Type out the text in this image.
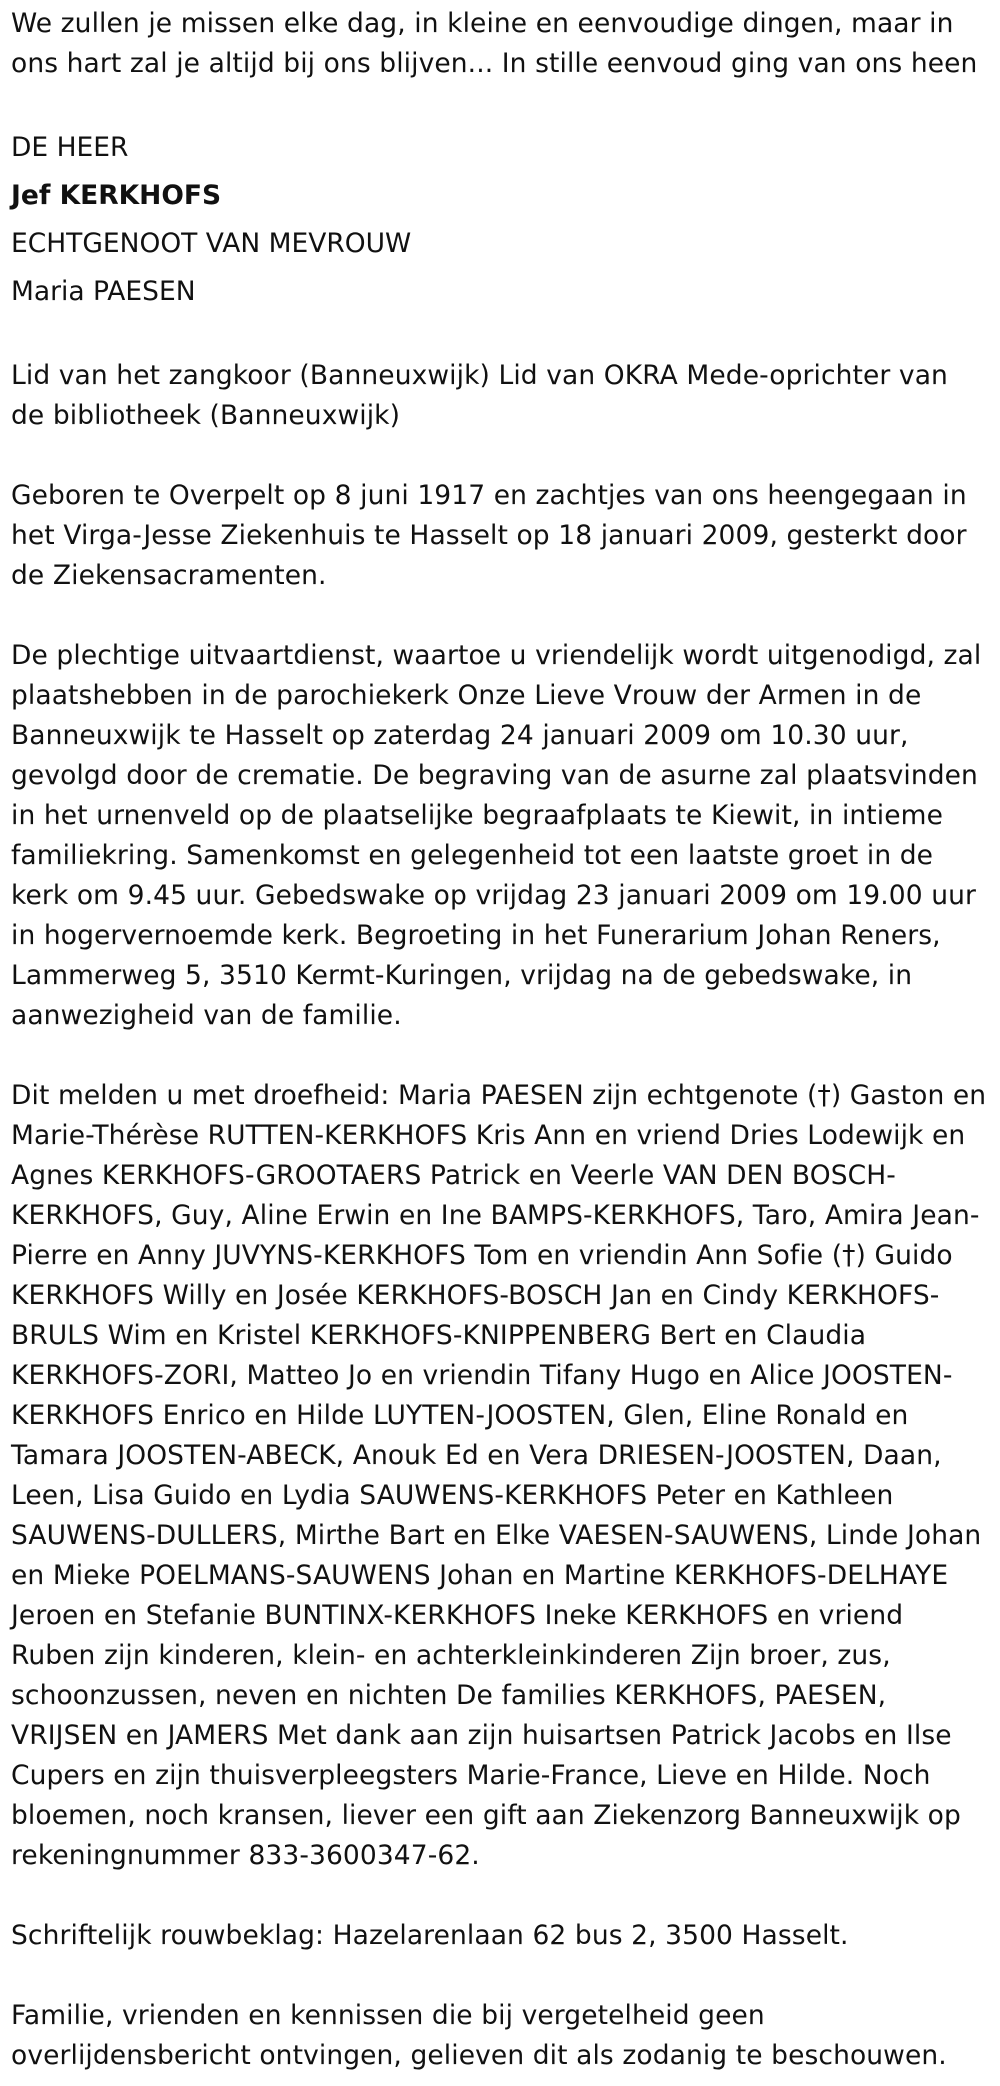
We zullen je missen elke dag, in kleine en eenvoudige dingen, maar in ons hart zal je altijd bij ons blijven... In stille eenvoud ging van ons heen

DE HEER
Jef KERKHOFS
ECHTGENOOT VAN MEVROUW
Maria PAESEN

Lid van het zangkoor (Banneuxwijk) Lid van OKRA Mede-oprichter van de bibliotheek (Banneuxwijk)

Geboren te Overpelt op 8 juni 1917 en zachtjes van ons heengegaan in het Virga-Jesse Ziekenhuis te Hasselt op 18 januari 2009, gesterkt door de Ziekensacramenten.

De plechtige uitvaartdienst, waartoe u vriendelijk wordt uitgenodigd, zal plaatshebben in de parochiekerk Onze Lieve Vrouw der Armen in de Banneuxwijk te Hasselt op zaterdag 24 januari 2009 om 10.30 uur, gevolgd door de crematie. De begraving van de asurne zal plaatsvinden in het urnenveld op de plaatselijke begraafplaats te Kiewit, in intieme familiekring. Samenkomst en gelegenheid tot een laatste groet in de kerk om 9.45 uur. Gebedswake op vrijdag 23 januari 2009 om 19.00 uur in hogervernoemde kerk. Begroeting in het Funerarium Johan Reners, Lammerweg 5, 3510 Kermt-Kuringen, vrijdag na de gebedswake, in aanwezigheid van de familie.

Dit melden u met droefheid: Maria PAESEN zijn echtgenote (†) Gaston en Marie-Thérèse RUTTEN-KERKHOFS Kris Ann en vriend Dries Lodewijk en Agnes KERKHOFS-GROOTAERS Patrick en Veerle VAN DEN BOSCH-KERKHOFS, Guy, Aline Erwin en Ine BAMPS-KERKHOFS, Taro, Amira Jean-Pierre en Anny JUVYNS-KERKHOFS Tom en vriendin Ann Sofie (†) Guido KERKHOFS Willy en Josée KERKHOFS-BOSCH Jan en Cindy KERKHOFS-BRULS Wim en Kristel KERKHOFS-KNIPPENBERG Bert en Claudia KERKHOFS-ZORI, Matteo Jo en vriendin Tifany Hugo en Alice JOOSTEN-KERKHOFS Enrico en Hilde LUYTEN-JOOSTEN, Glen, Eline Ronald en Tamara JOOSTEN-ABECK, Anouk Ed en Vera DRIESEN-JOOSTEN, Daan, Leen, Lisa Guido en Lydia SAUWENS-KERKHOFS Peter en Kathleen SAUWENS-DULLERS, Mirthe Bart en Elke VAESEN-SAUWENS, Linde Johan en Mieke POELMANS-SAUWENS Johan en Martine KERKHOFS-DELHAYE Jeroen en Stefanie BUNTINX-KERKHOFS Ineke KERKHOFS en vriend Ruben zijn kinderen, klein- en achterkleinkinderen Zijn broer, zus, schoonzussen, neven en nichten De families KERKHOFS, PAESEN, VRIJSEN en JAMERS Met dank aan zijn huisartsen Patrick Jacobs en Ilse Cupers en zijn thuisverpleegsters Marie-France, Lieve en Hilde. Noch bloemen, noch kransen, liever een gift aan Ziekenzorg Banneuxwijk op rekeningnummer 833-3600347-62.

Schriftelijk rouwbeklag: Hazelarenlaan 62 bus 2, 3500 Hasselt.

Familie, vrienden en kennissen die bij vergetelheid geen overlijdensbericht ontvingen, gelieven dit als zodanig te beschouwen.
